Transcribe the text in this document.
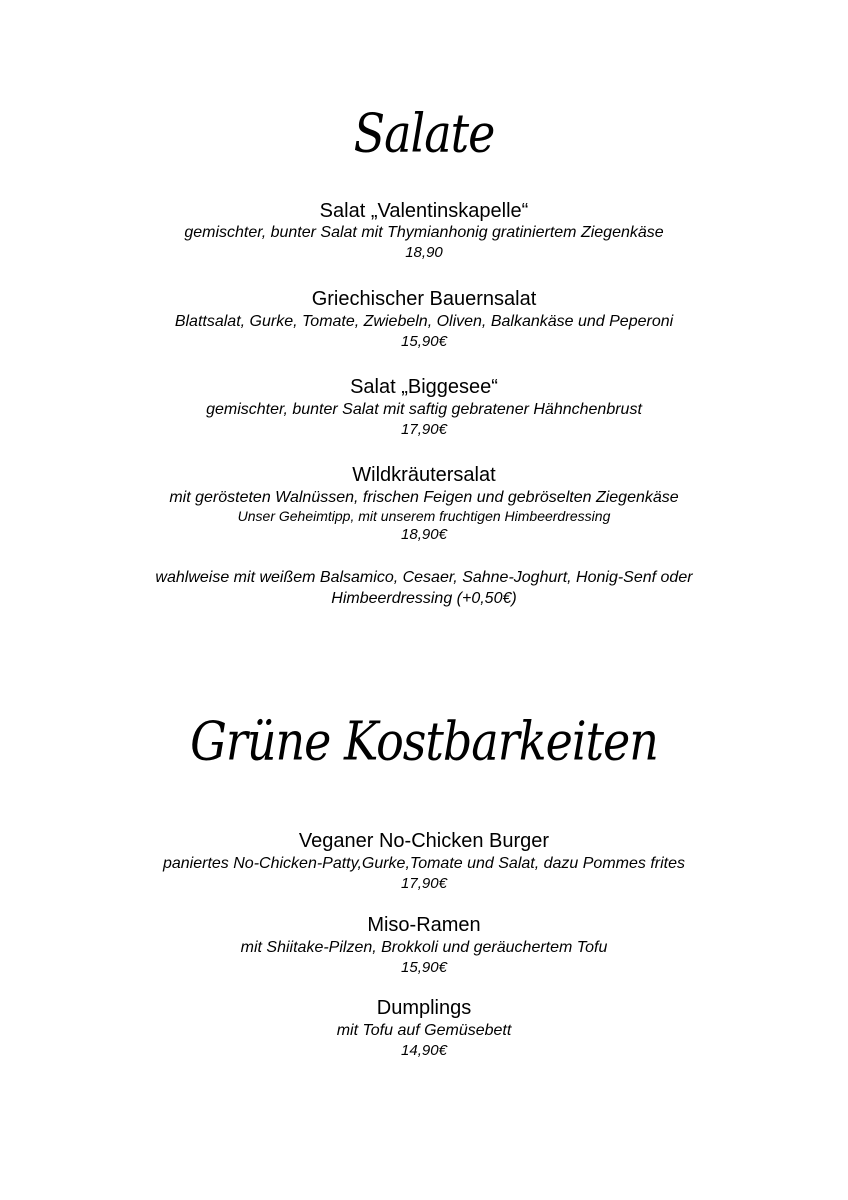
Salate
Salat „Valentinskapelle“
gemischter, bunter Salat mit Thymianhonig gratiniertem Ziegenkäse
18,90
Griechischer Bauernsalat
Blattsalat, Gurke, Tomate, Zwiebeln, Oliven, Balkankäse und Peperoni
15,90€
Salat „Biggesee“
gemischter, bunter Salat mit saftig gebratener Hähnchenbrust
17,90€
Wildkräutersalat
mit gerösteten Walnüssen, frischen Feigen und gebröselten Ziegenkäse
Unser Geheimtipp, mit unserem fruchtigen Himbeerdressing
18,90€
wahlweise mit weißem Balsamico, Cesaer, Sahne-Joghurt, Honig-Senf oder
Himbeerdressing (+0,50€)
Grüne Kostbarkeiten
Veganer No-Chicken Burger
paniertes No-Chicken-Patty,Gurke,Tomate und Salat, dazu Pommes frites
17,90€
Miso-Ramen
mit Shiitake-Pilzen, Brokkoli und geräuchertem Tofu
15,90€
Dumplings
mit Tofu auf Gemüsebett
14,90€
